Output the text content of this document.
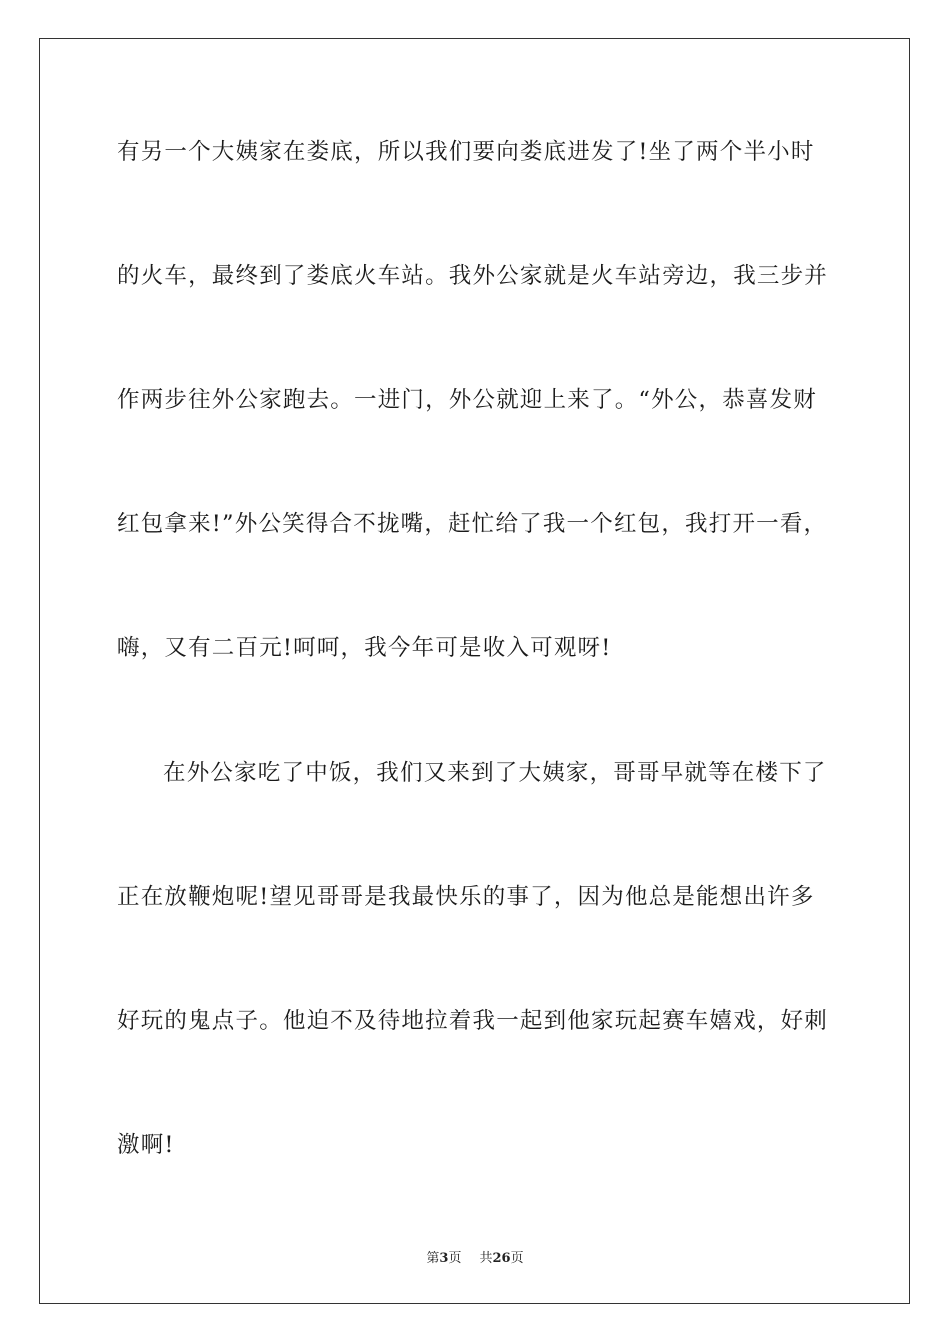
有另一个大姨家在娄底，所以我们要向娄底进发了!坐了两个半小时
的火车，最终到了娄底火车站。我外公家就是火车站旁边，我三步并
作两步往外公家跑去。一进门，外公就迎上来了。“外公，恭喜发财
红包拿来!”外公笑得合不拢嘴，赶忙给了我一个红包，我打开一看，
嗨，又有二百元!呵呵，我今年可是收入可观呀!
在外公家吃了中饭，我们又来到了大姨家，哥哥早就等在楼下了
正在放鞭炮呢!望见哥哥是我最快乐的事了，因为他总是能想出许多
好玩的鬼点子。他迫不及待地拉着我一起到他家玩起赛车嬉戏，好刺
激啊!
第3页 共26页
